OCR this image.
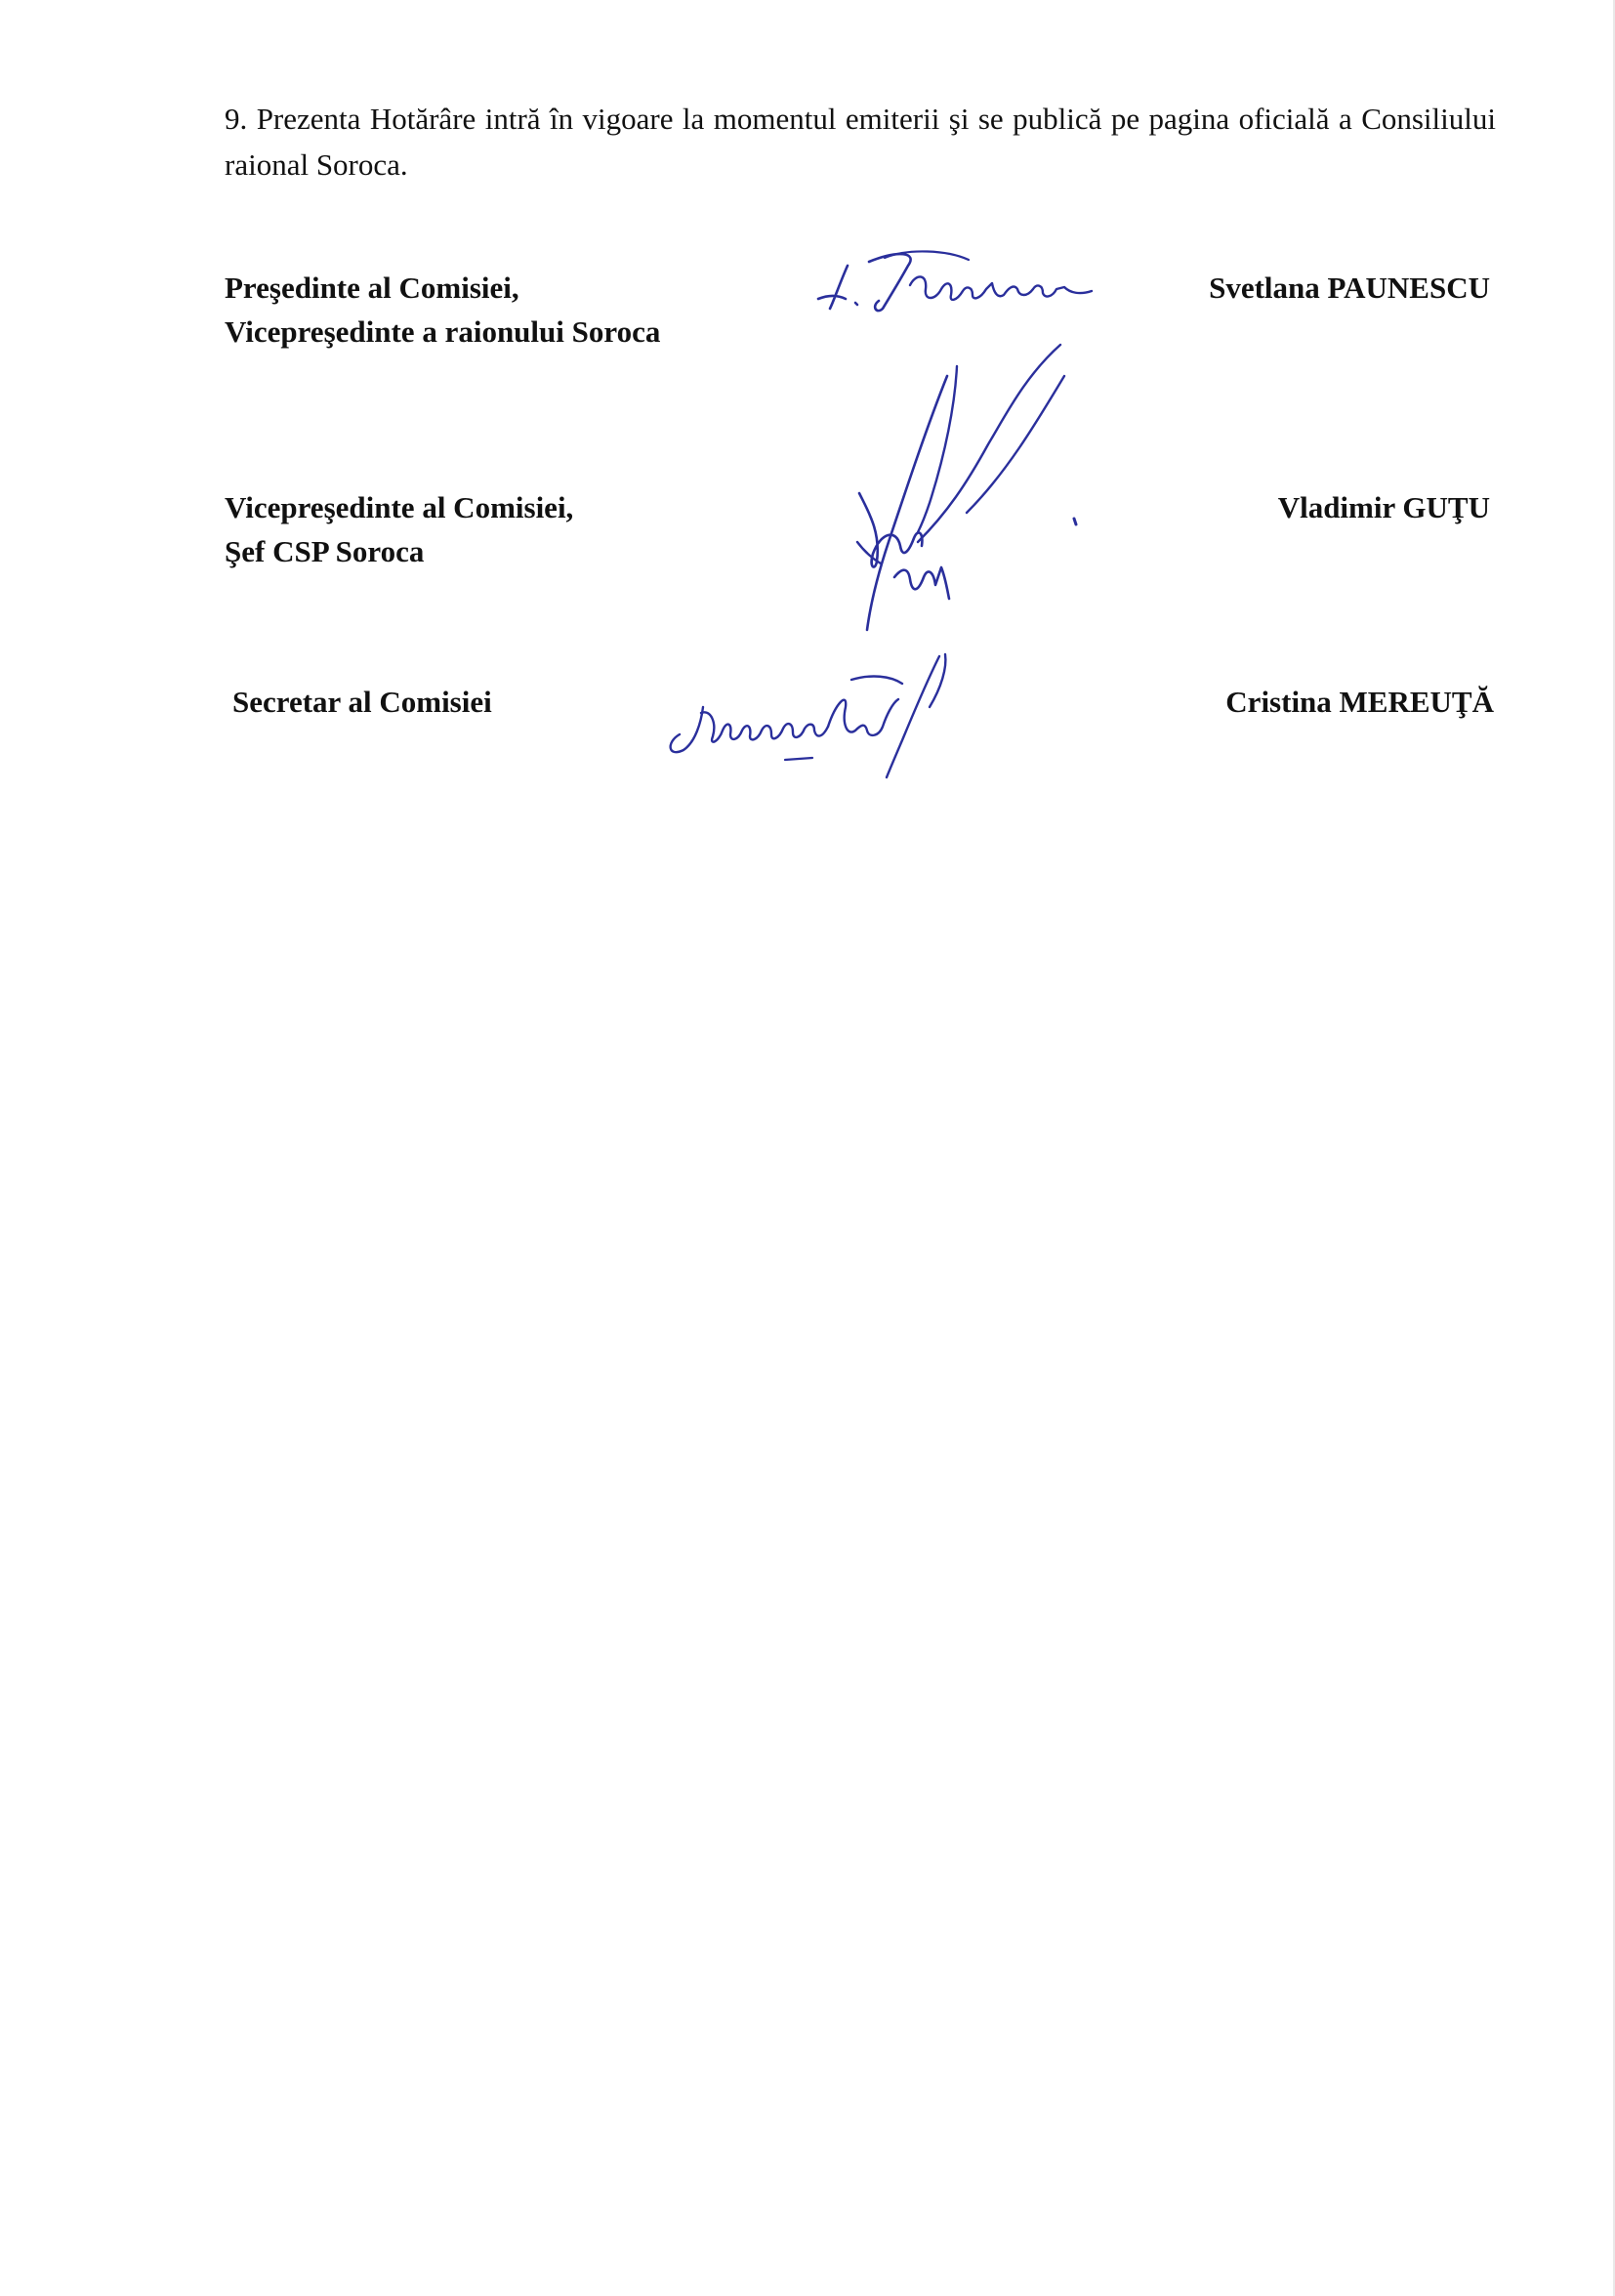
9. Prezenta Hotărâre intră în vigoare la momentul emiterii şi se publică pe pagina oficială a Consiliului raional Soroca.

Preşedinte al Comisiei,
Vicepreşedinte a raionului Soroca
Svetlana PAUNESCU
Vicepreşedinte al Comisiei,
Şef CSP Soroca
Vladimir GUŢU
Secretar al Comisiei	Cristina MEREUŢĂ
